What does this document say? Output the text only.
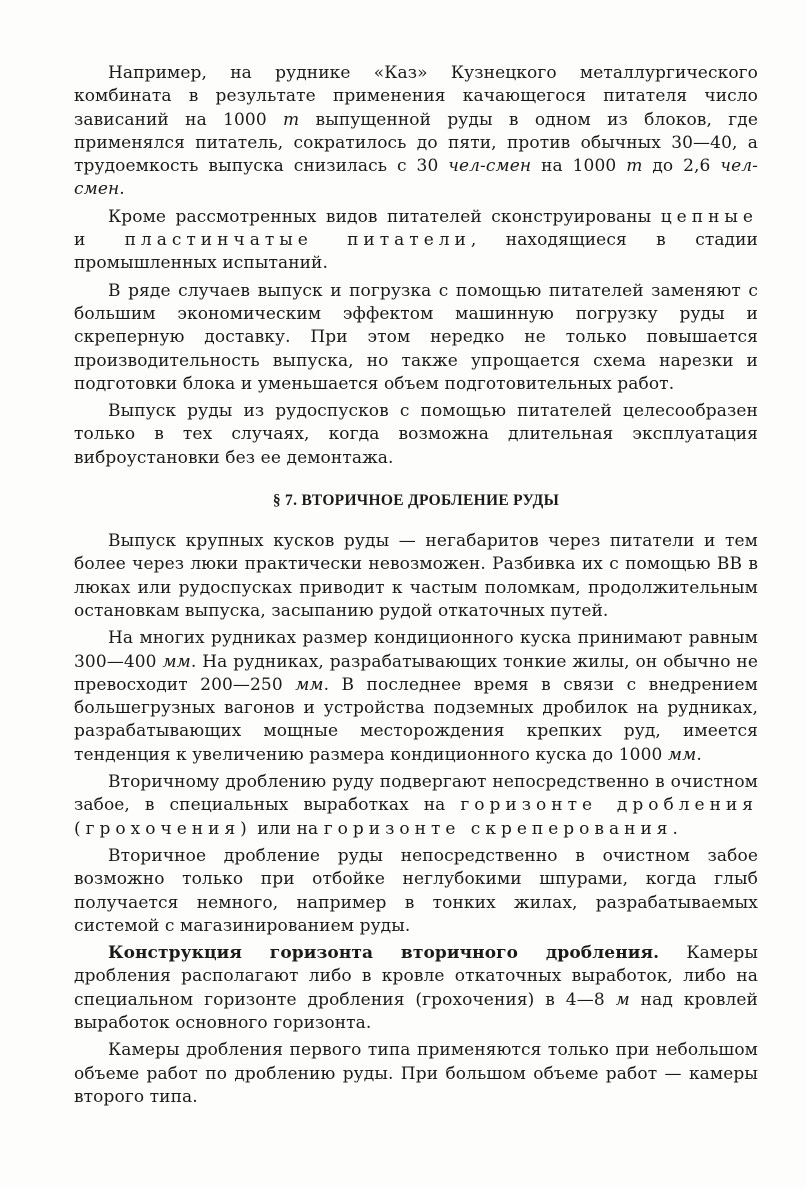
Например, на руднике «Каз» Кузнецкого металлургического комбината в результате применения качающегося питателя число зависаний на 1000 т выпущенной руды в одном из блоков, где применялся питатель, сократилось до пяти, против обычных 30—40, а трудоемкость выпуска снизилась с 30 чел-смен на 1000 т до 2,6 чел-смен.

Кроме рассмотренных видов питателей сконструированы цепные и пластинчатые питатели, находящиеся в стадии промышленных испытаний.

В ряде случаев выпуск и погрузка с помощью питателей заменяют с большим экономическим эффектом машинную погрузку руды и скреперную доставку. При этом нередко не только повышается производительность выпуска, но также упрощается схема нарезки и подготовки блока и уменьшается объем подготовительных работ.

Выпуск руды из рудоспусков с помощью питателей целесообразен только в тех случаях, когда возможна длительная эксплуатация виброустановки без ее демонтажа.

§ 7. ВТОРИЧНОЕ ДРОБЛЕНИЕ РУДЫ

Выпуск крупных кусков руды — негабаритов через питатели и тем более через люки практически невозможен. Разбивка их с помощью ВВ в люках или рудоспусках приводит к частым поломкам, продолжительным остановкам выпуска, засыпанию рудой откаточных путей.

На многих рудниках размер кондиционного куска принимают равным 300—400 мм. На рудниках, разрабатывающих тонкие жилы, он обычно не превосходит 200—250 мм. В последнее время в связи с внедрением большегрузных вагонов и устройства подземных дробилок на рудниках, разрабатывающих мощные месторождения крепких руд, имеется тенденция к увеличению размера кондиционного куска до 1000 мм.

Вторичному дроблению руду подвергают непосредственно в очистном забое, в специальных выработках на горизонте дробления (грохочения) или на горизонте скреперования.

Вторичное дробление руды непосредственно в очистном забое возможно только при отбойке неглубокими шпурами, когда глыб получается немного, например в тонких жилах, разрабатываемых системой с магазинированием руды.

Конструкция горизонта вторичного дробления. Камеры дробления располагают либо в кровле откаточных выработок, либо на специальном горизонте дробления (грохочения) в 4—8 м над кровлей выработок основного горизонта.

Камеры дробления первого типа применяются только при небольшом объеме работ по дроблению руды. При большом объеме работ — камеры второго типа.
